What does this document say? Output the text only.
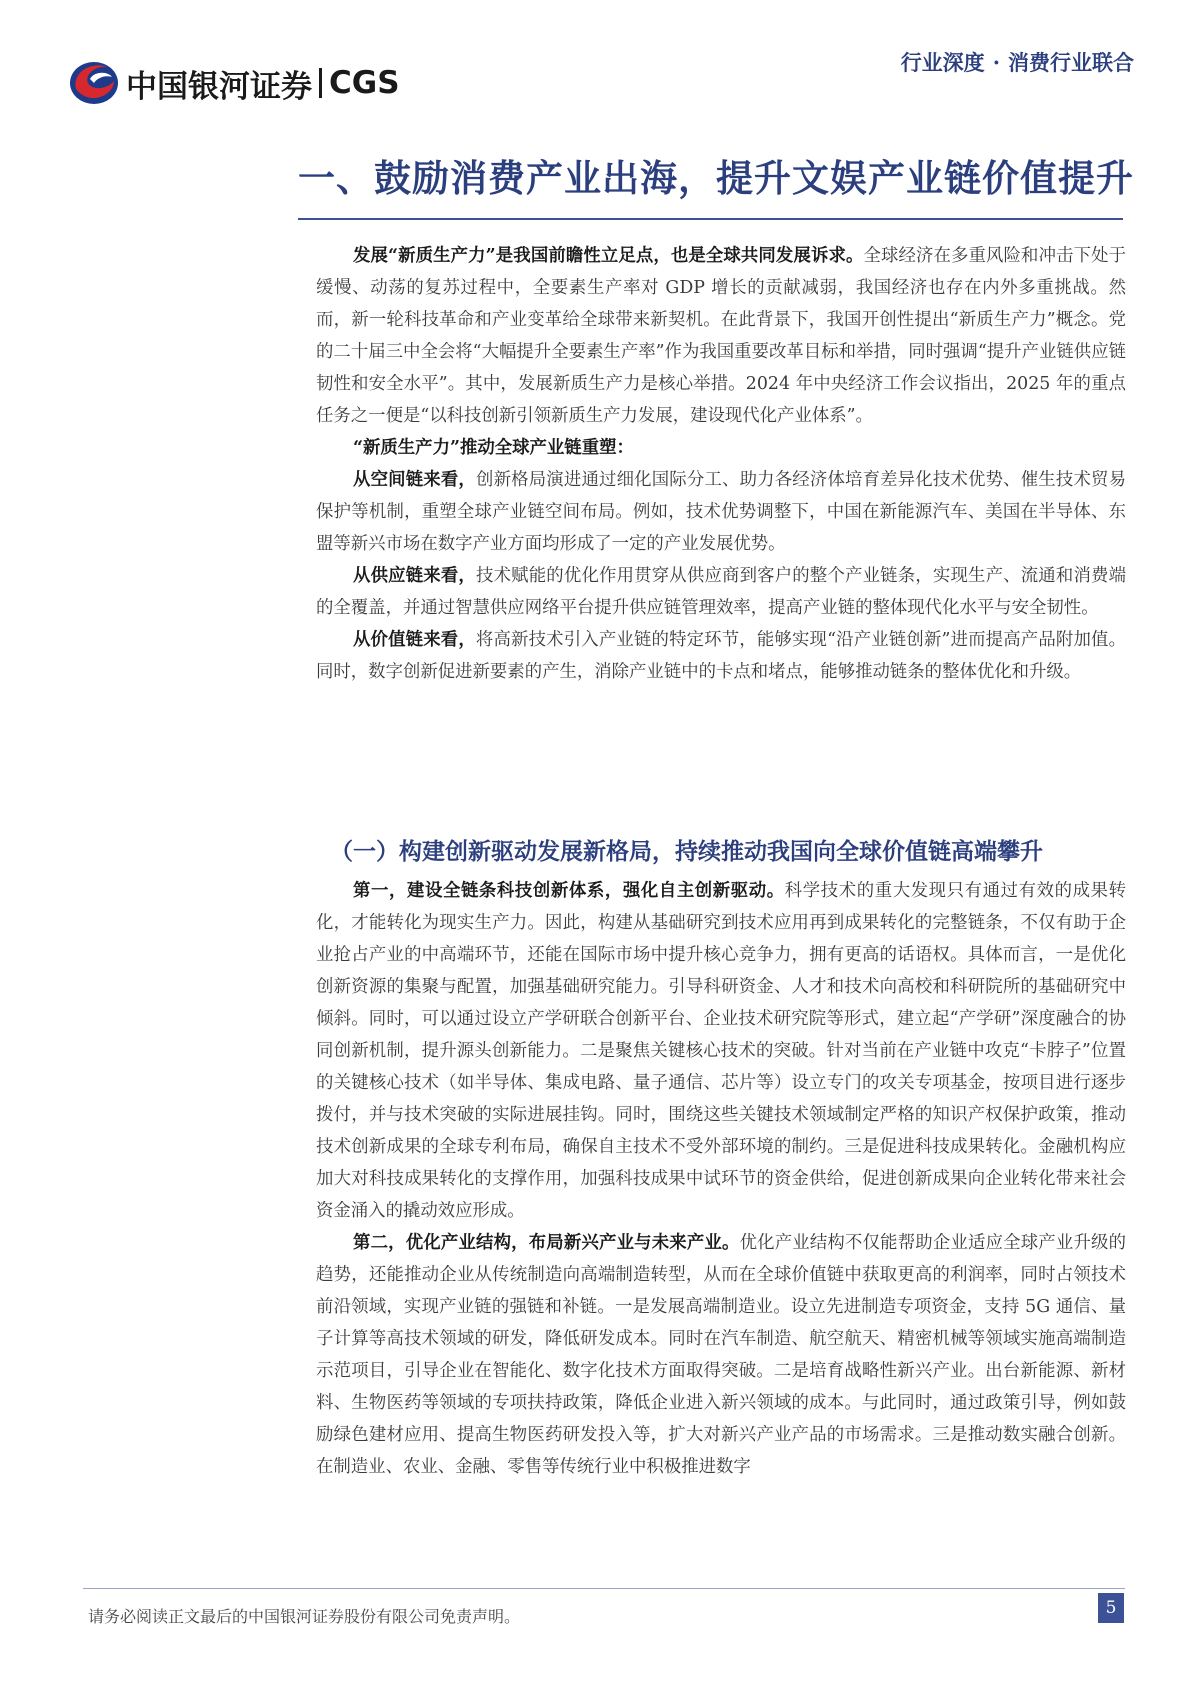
中国银河证券 CGS
行业深度 · 消费行业联合
一、鼓励消费产业出海，提升文娱产业链价值提升

发展“新质生产力”是我国前瞻性立足点，也是全球共同发展诉求。全球经济在多重风险和冲击下处于缓慢、动荡的复苏过程中，全要素生产率对 GDP 增长的贡献减弱，我国经济也存在内外多重挑战。然而，新一轮科技革命和产业变革给全球带来新契机。在此背景下，我国开创性提出“新质生产力”概念。党的二十届三中全会将“大幅提升全要素生产率”作为我国重要改革目标和举措，同时强调“提升产业链供应链韧性和安全水平”。其中，发展新质生产力是核心举措。2024 年中央经济工作会议指出，2025 年的重点任务之一便是“以科技创新引领新质生产力发展，建设现代化产业体系”。

“新质生产力”推动全球产业链重塑：

从空间链来看，创新格局演进通过细化国际分工、助力各经济体培育差异化技术优势、催生技术贸易保护等机制，重塑全球产业链空间布局。例如，技术优势调整下，中国在新能源汽车、美国在半导体、东盟等新兴市场在数字产业方面均形成了一定的产业发展优势。

从供应链来看，技术赋能的优化作用贯穿从供应商到客户的整个产业链条，实现生产、流通和消费端的全覆盖，并通过智慧供应网络平台提升供应链管理效率，提高产业链的整体现代化水平与安全韧性。

从价值链来看，将高新技术引入产业链的特定环节，能够实现“沿产业链创新”进而提高产品附加值。同时，数字创新促进新要素的产生，消除产业链中的卡点和堵点，能够推动链条的整体优化和升级。

（一）构建创新驱动发展新格局，持续推动我国向全球价值链高端攀升

第一，建设全链条科技创新体系，强化自主创新驱动。科学技术的重大发现只有通过有效的成果转化，才能转化为现实生产力。因此，构建从基础研究到技术应用再到成果转化的完整链条，不仅有助于企业抢占产业的中高端环节，还能在国际市场中提升核心竞争力，拥有更高的话语权。具体而言，一是优化创新资源的集聚与配置，加强基础研究能力。引导科研资金、人才和技术向高校和科研院所的基础研究中倾斜。同时，可以通过设立产学研联合创新平台、企业技术研究院等形式，建立起“产学研”深度融合的协同创新机制，提升源头创新能力。二是聚焦关键核心技术的突破。针对当前在产业链中攻克“卡脖子”位置的关键核心技术（如半导体、集成电路、量子通信、芯片等）设立专门的攻关专项基金，按项目进行逐步拨付，并与技术突破的实际进展挂钩。同时，围绕这些关键技术领域制定严格的知识产权保护政策，推动技术创新成果的全球专利布局，确保自主技术不受外部环境的制约。三是促进科技成果转化。金融机构应加大对科技成果转化的支撑作用，加强科技成果中试环节的资金供给，促进创新成果向企业转化带来社会资金涌入的撬动效应形成。

第二，优化产业结构，布局新兴产业与未来产业。优化产业结构不仅能帮助企业适应全球产业升级的趋势，还能推动企业从传统制造向高端制造转型，从而在全球价值链中获取更高的利润率，同时占领技术前沿领域，实现产业链的强链和补链。一是发展高端制造业。设立先进制造专项资金，支持 5G 通信、量子计算等高技术领域的研发，降低研发成本。同时在汽车制造、航空航天、精密机械等领域实施高端制造示范项目，引导企业在智能化、数字化技术方面取得突破。二是培育战略性新兴产业。出台新能源、新材料、生物医药等领域的专项扶持政策，降低企业进入新兴领域的成本。与此同时，通过政策引导，例如鼓励绿色建材应用、提高生物医药研发投入等，扩大对新兴产业产品的市场需求。三是推动数实融合创新。在制造业、农业、金融、零售等传统行业中积极推进数字

请务必阅读正文最后的中国银河证券股份有限公司免责声明。	5
